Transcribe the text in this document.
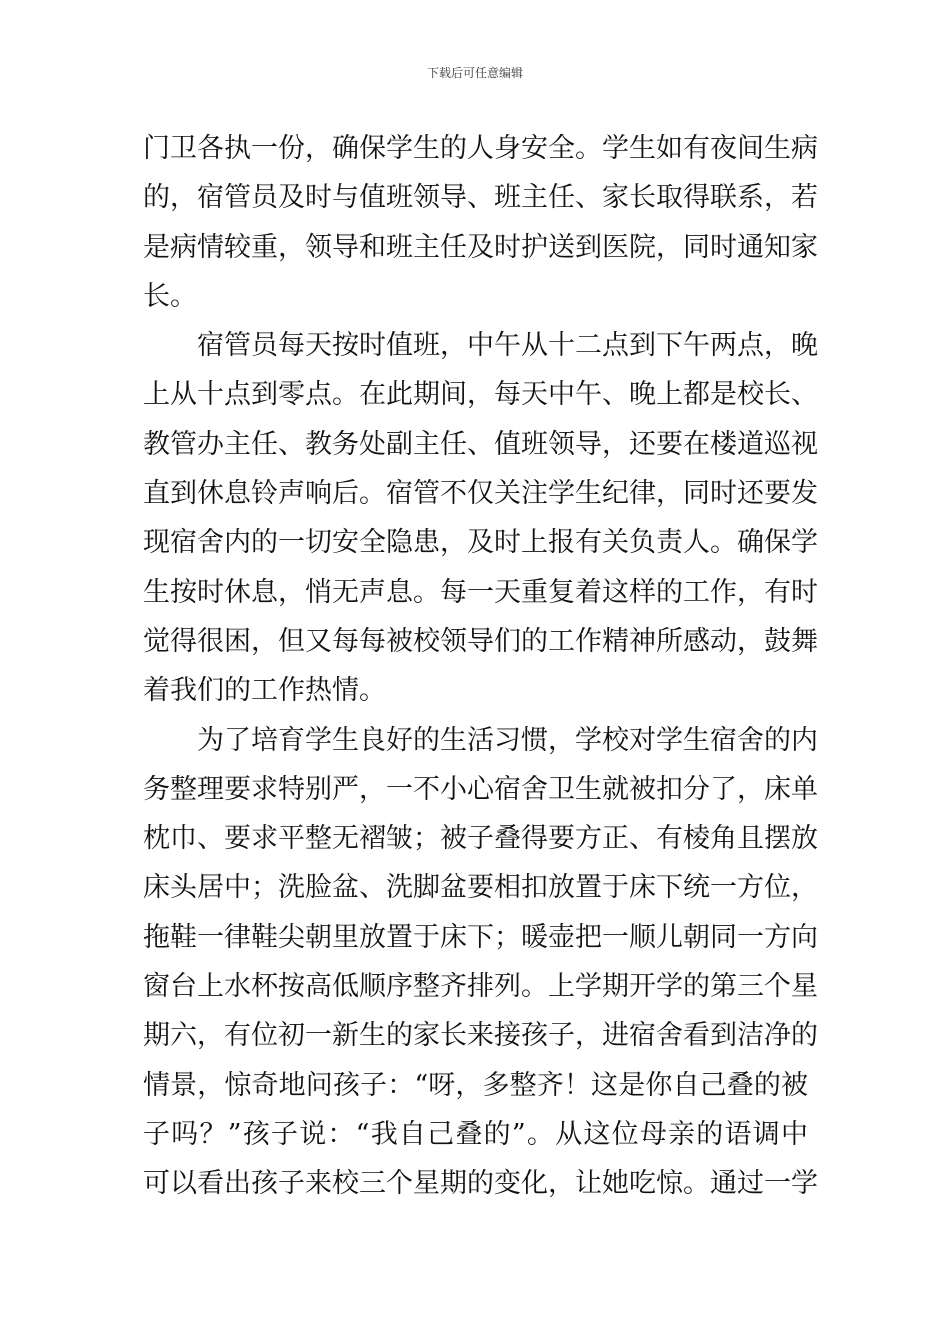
下载后可任意编辑
门卫各执一份，确保学生的人身安全。学生如有夜间生病
的，宿管员及时与值班领导、班主任、家长取得联系，若
是病情较重，领导和班主任及时护送到医院，同时通知家
长。
宿管员每天按时值班，中午从十二点到下午两点，晚
上从十点到零点。在此期间，每天中午、晚上都是校长、
教管办主任、教务处副主任、值班领导，还要在楼道巡视
直到休息铃声响后。宿管不仅关注学生纪律，同时还要发
现宿舍内的一切安全隐患，及时上报有关负责人。确保学
生按时休息，悄无声息。每一天重复着这样的工作，有时
觉得很困，但又每每被校领导们的工作精神所感动，鼓舞
着我们的工作热情。
为了培育学生良好的生活习惯，学校对学生宿舍的内
务整理要求特别严，一不小心宿舍卫生就被扣分了，床单
枕巾、要求平整无褶皱；被子叠得要方正、有棱角且摆放
床头居中；洗脸盆、洗脚盆要相扣放置于床下统一方位，
拖鞋一律鞋尖朝里放置于床下；暖壶把一顺儿朝同一方向
窗台上水杯按高低顺序整齐排列。上学期开学的第三个星
期六，有位初一新生的家长来接孩子，进宿舍看到洁净的
情景，惊奇地问孩子：“呀，多整齐！这是你自己叠的被
子吗？”孩子说：“我自己叠的”。从这位母亲的语调中
可以看出孩子来校三个星期的变化，让她吃惊。通过一学
